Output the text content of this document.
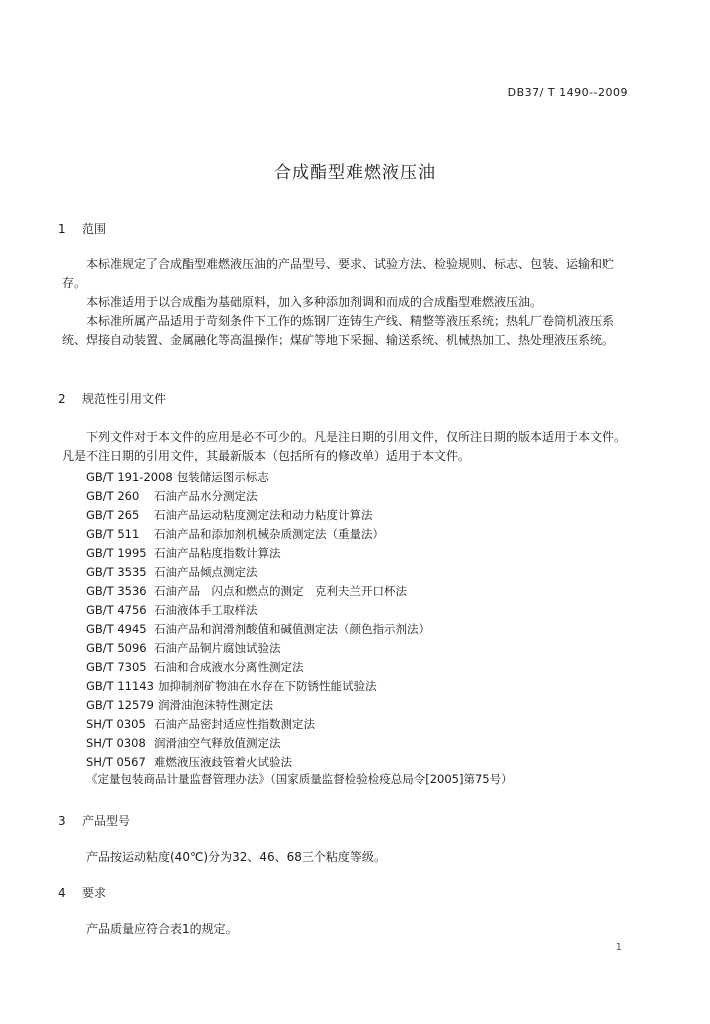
DB37/ T 1490--2009
合成酯型难燃液压油
1 范围

本标准规定了合成酯型难燃液压油的产品型号、要求、试验方法、检验规则、标志、包装、运输和贮存。

本标准适用于以合成酯为基础原料，加入多种添加剂调和而成的合成酯型难燃液压油。

本标准所属产品适用于苛刻条件下工作的炼钢厂连铸生产线、精整等液压系统；热轧厂卷筒机液压系统、焊接自动装置、金属融化等高温操作；煤矿等地下采掘、输送系统、机械热加工、热处理液压系统。

2 规范性引用文件

下列文件对于本文件的应用是必不可少的。凡是注日期的引用文件，仅所注日期的版本适用于本文件。凡是不注日期的引用文件，其最新版本（包括所有的修改单）适用于本文件。

GB/T 191-2008 包装储运图示标志
GB/T 260 石油产品水分测定法
GB/T 265 石油产品运动粘度测定法和动力粘度计算法
GB/T 511 石油产品和添加剂机械杂质测定法（重量法）
GB/T 1995 石油产品粘度指数计算法
GB/T 3535 石油产品倾点测定法
GB/T 3536 石油产品　闪点和燃点的测定　克利夫兰开口杯法
GB/T 4756 石油液体手工取样法
GB/T 4945 石油产品和润滑剂酸值和碱值测定法（颜色指示剂法）
GB/T 5096 石油产品铜片腐蚀试验法
GB/T 7305 石油和合成液水分离性测定法
GB/T 11143 加抑制剂矿物油在水存在下防锈性能试验法
GB/T 12579 润滑油泡沫特性测定法
SH/T 0305 石油产品密封适应性指数测定法
SH/T 0308 润滑油空气释放值测定法
SH/T 0567 难燃液压液歧管着火试验法
《定量包装商品计量监督管理办法》（国家质量监督检验检疫总局令[2005]第75号）
3 产品型号

产品按运动粘度(40℃)分为32、46、68三个粘度等级。

4 要求

产品质量应符合表1的规定。

1
